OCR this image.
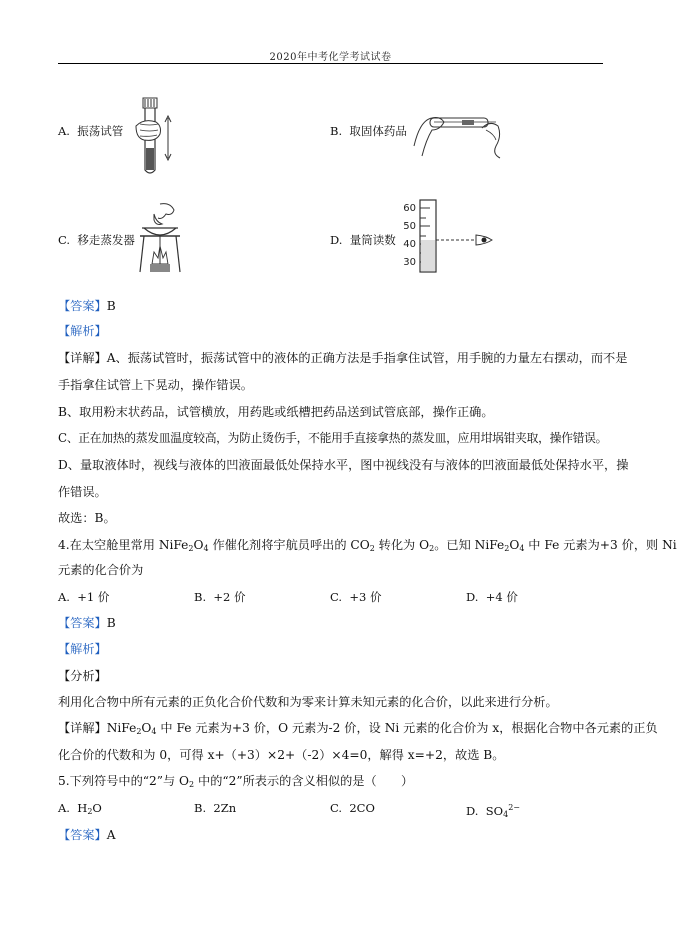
2020年中考化学考试试卷
A. 振荡试管	B. 取固体药品
C. 移走蒸发器	D. 量筒读数
60
50
40
30
【答案】B
【解析】
【详解】A、振荡试管时，振荡试管中的液体的正确方法是手指拿住试管，用手腕的力量左右摆动，而不是
手指拿住试管上下晃动，操作错误。
B、取用粉末状药品，试管横放，用药匙或纸槽把药品送到试管底部，操作正确。
C、正在加热的蒸发皿温度较高，为防止烫伤手，不能用手直接拿热的蒸发皿，应用坩埚钳夹取，操作错误。
D、量取液体时，视线与液体的凹液面最低处保持水平，图中视线没有与液体的凹液面最低处保持水平，操
作错误。
故选：B。
4.在太空舱里常用 $NiFe_2O_4$ 作催化剂将宇航员呼出的 $CO_2$ 转化为 $O_2$。已知 $NiFe_2O_4$ 中 Fe 元素为+3 价，则 Ni
元素的化合价为
A. +1 价	B. +2 价	C. +3 价	D. +4 价
【答案】B
【解析】
【分析】
利用化合物中所有元素的正负化合价代数和为零来计算未知元素的化合价，以此来进行分析。
【详解】$NiFe_2O_4$ 中 Fe 元素为+3 价，O 元素为-2 价，设 Ni 元素的化合价为 x，根据化合物中各元素的正负
化合价的代数和为 0，可得 x+（+3）×2+（-2）×4=0，解得 x=+2，故选 B。
5.下列符号中的“2”与 $O_2$ 中的“2”所表示的含义相似的是（　　）
A. $H_2O$	B. 2Zn	C. 2CO	D. $SO_4^{2-}$
【答案】A
